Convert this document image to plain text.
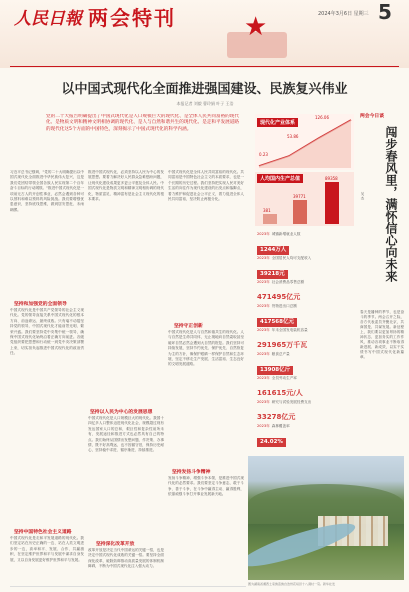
人民日報 两会特刊	★	2024年3月6日 星期三 5
以中国式现代化全面推进强国建设、民族复兴伟业
本报记者 刘毅 曹玲娟 叶子 王浩
党的二十大报告明确提出了中国式现代化是人口规模巨大的现代化、是全体人民共同富裕的现代化、是物质文明和精神文明相协调的现代化、是人与自然和谐共生的现代化、是走和平发展道路的现代化这5个方面的中国特色，深刻揭示了中国式现代化的科学内涵。
习近平总书记强调，"党的二十大明确提出以中国式现代化全面推进中华民族伟大复兴，这是我们党团结带领全国各族人民实现第二个百年奋斗目标的行动纲领。"推进中国式现代化是一项前无古人的开创性事业，必然会遇到各种可以预料和难以预料的风险挑战。我们要增强忧患意识，坚持底线思维，做到居安思危、未雨绸缪。
坚持和加强党的全面领导
中国式现代化是中国共产党领导的社会主义现代化。党的领导直接关系中国式现代化的根本方向、前途命运、最终成败。只有毫不动摇坚持党的领导，中国式现代化才能前景光明、繁荣兴盛。我们要坚持党中央集中统一领导，确保中国式现代化始终沿着正确方向前进。各级党组织要把思想和行动统一到党中央决策部署上来，切实担负起推进中国式现代化的政治责任。
坚持中国特色社会主义道路
中国式现代化是走和平发展道路的现代化。我们坚定站在历史正确的一边、站在人类文明进步的一边，高举和平、发展、合作、共赢旗帜，在坚定维护世界和平与发展中谋求自身发展，又以自身发展更好维护世界和平与发展。
推进中国式现代化，必须坚持以人民为中心的发展思想。要着力解决好人民群众急难愁盼问题，让现代化建设成果更多更公平惠及全体人民。中国式现代化是物质文明和精神文明相协调的现代化，物质富足、精神富有是社会主义现代化的根本要求。
坚持以人民为中心的发展思想
中国式现代化是人口规模巨大的现代化。我国十四亿多人口整体迈进现代化社会，规模超过现有发达国家人口的总和，艰巨性和复杂性前所未有，发展途径和推进方式也必然具有自己的特点。我们始终从国情出发想问题、作决策、办事情，既不好高骛远，也不因循守旧，保持历史耐心，坚持稳中求进、循序渐进、持续推进。
坚持深化改革开放
改革开放是决定当代中国命运的关键一招，也是决定中国式现代化成败的关键一招。要坚持全面深化改革，破除妨碍推动高质量发展的体制机制障碍，不断为中国式现代化注入强大动力。
中国式现代化是全体人民共同富裕的现代化。共同富裕是中国特色社会主义的本质要求，也是一个长期的历史过程。我们坚持把实现人民对美好生活的向往作为现代化建设的出发点和落脚点，着力维护和促进社会公平正义，着力促进全体人民共同富裕，坚决防止两极分化。
坚持守正创新
中国式现代化是人与自然和谐共生的现代化。人与自然是生命共同体，无止境地向自然索取甚至破坏自然必然会遭到大自然的报复。我们坚持可持续发展，坚持节约优先、保护优先、自然恢复为主的方针，像保护眼睛一样保护自然和生态环境，坚定不移走生产发展、生活富裕、生态良好的文明发展道路。
坚持发扬斗争精神
发扬斗争精神，增强斗争本领，是推进中国式现代化的必然要求。我们要坚定斗争意志，敢于斗争、善于斗争，在斗争中赢得主动、赢得胜利，依靠顽强斗争打开事业发展新天地。
现代化产业体系
126.06
53.86
0.23
人均国内生产总值	89358
39771
381
2023年 城镇新增就业人数
1244万人
2023年 全国居民人均可支配收入
39218元
2023年 社会消费品零售总额
471495亿元
2023年 货物进出口总额
417568亿元
2023年 年末全国发电装机容量
291965万千瓦
2023年 粮食总产量
13908亿斤
2023年 全员劳动生产率
161615元/人
2023年 研究与试验发展经费支出
33278亿元
2023年 森林覆盖率
24.02%
两会今日谈
闯步春风里，满怀信心向未来
吴 杰
春天是播种的季节，也是奋斗的季节。两会召开之际，各方代表委员齐聚北京，共商国是、共谋发展。新征程上，我们要以更加昂扬的精神状态、更加务实的工作作风，推动各项事业不断取得新进展、新成效，以实干实绩书写中国式现代化新篇章。
图为湖南省湘西土家族苗族自治州花垣县十八洞村一景。新华社发
